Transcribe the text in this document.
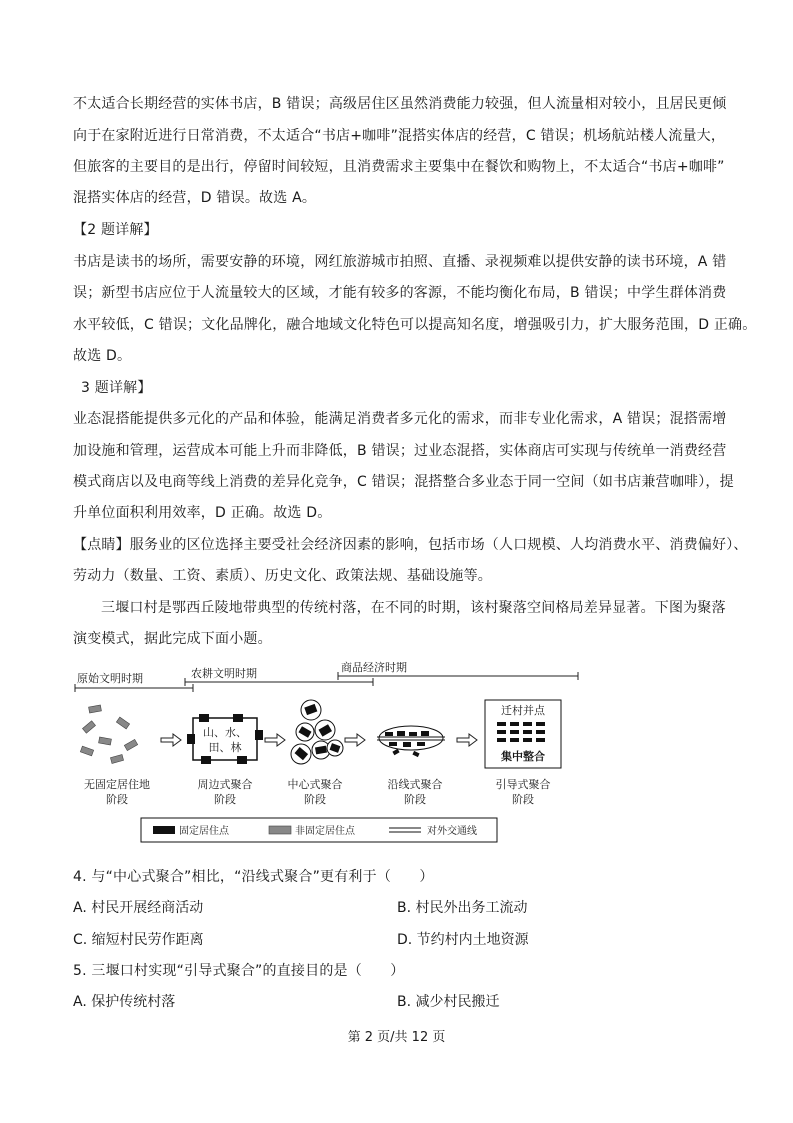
不太适合长期经营的实体书店，B 错误；高级居住区虽然消费能力较强，但人流量相对较小，且居民更倾
向于在家附近进行日常消费，不太适合“书店+咖啡”混搭实体店的经营，C 错误；机场航站楼人流量大，
但旅客的主要目的是出行，停留时间较短，且消费需求主要集中在餐饮和购物上，不太适合“书店+咖啡”
混搭实体店的经营，D 错误。故选 A。
【2 题详解】
书店是读书的场所，需要安静的环境，网红旅游城市拍照、直播、录视频难以提供安静的读书环境，A 错
误；新型书店应位于人流量较大的区域，才能有较多的客源，不能均衡化布局，B 错误；中学生群体消费
水平较低，C 错误；文化品牌化，融合地域文化特色可以提高知名度，增强吸引力，扩大服务范围，D 正确。
故选 D。
3 题详解】
业态混搭能提供多元化的产品和体验，能满足消费者多元化的需求，而非专业化需求，A 错误；混搭需增
加设施和管理，运营成本可能上升而非降低，B 错误；过业态混搭，实体商店可实现与传统单一消费经营
模式商店以及电商等线上消费的差异化竞争，C 错误；混搭整合多业态于同一空间（如书店兼营咖啡），提
升单位面积利用效率，D 正确。故选 D。
【点睛】服务业的区位选择主要受社会经济因素的影响，包括市场（人口规模、人均消费水平、消费偏好）、
劳动力（数量、工资、素质）、历史文化、政策法规、基础设施等。
三堰口村是鄂西丘陵地带典型的传统村落，在不同的时期，该村聚落空间格局差异显著。下图为聚落
演变模式，据此完成下面小题。
原始文明时期	农耕文明时期	商品经济时期
山、水、
田、林
迁村并点
集中整合
无固定居住地
阶段
周边式聚合
阶段
中心式聚合
阶段
沿线式聚合
阶段
引导式聚合
阶段
固定居住点	非固定居住点	对外交通线
4. 与“中心式聚合”相比，“沿线式聚合”更有利于（　　）
A. 村民开展经商活动	B. 村民外出务工流动
C. 缩短村民劳作距离	D. 节约村内土地资源
5. 三堰口村实现“引导式聚合”的直接目的是（　　）
A. 保护传统村落	B. 减少村民搬迁
第 2 页/共 12 页
